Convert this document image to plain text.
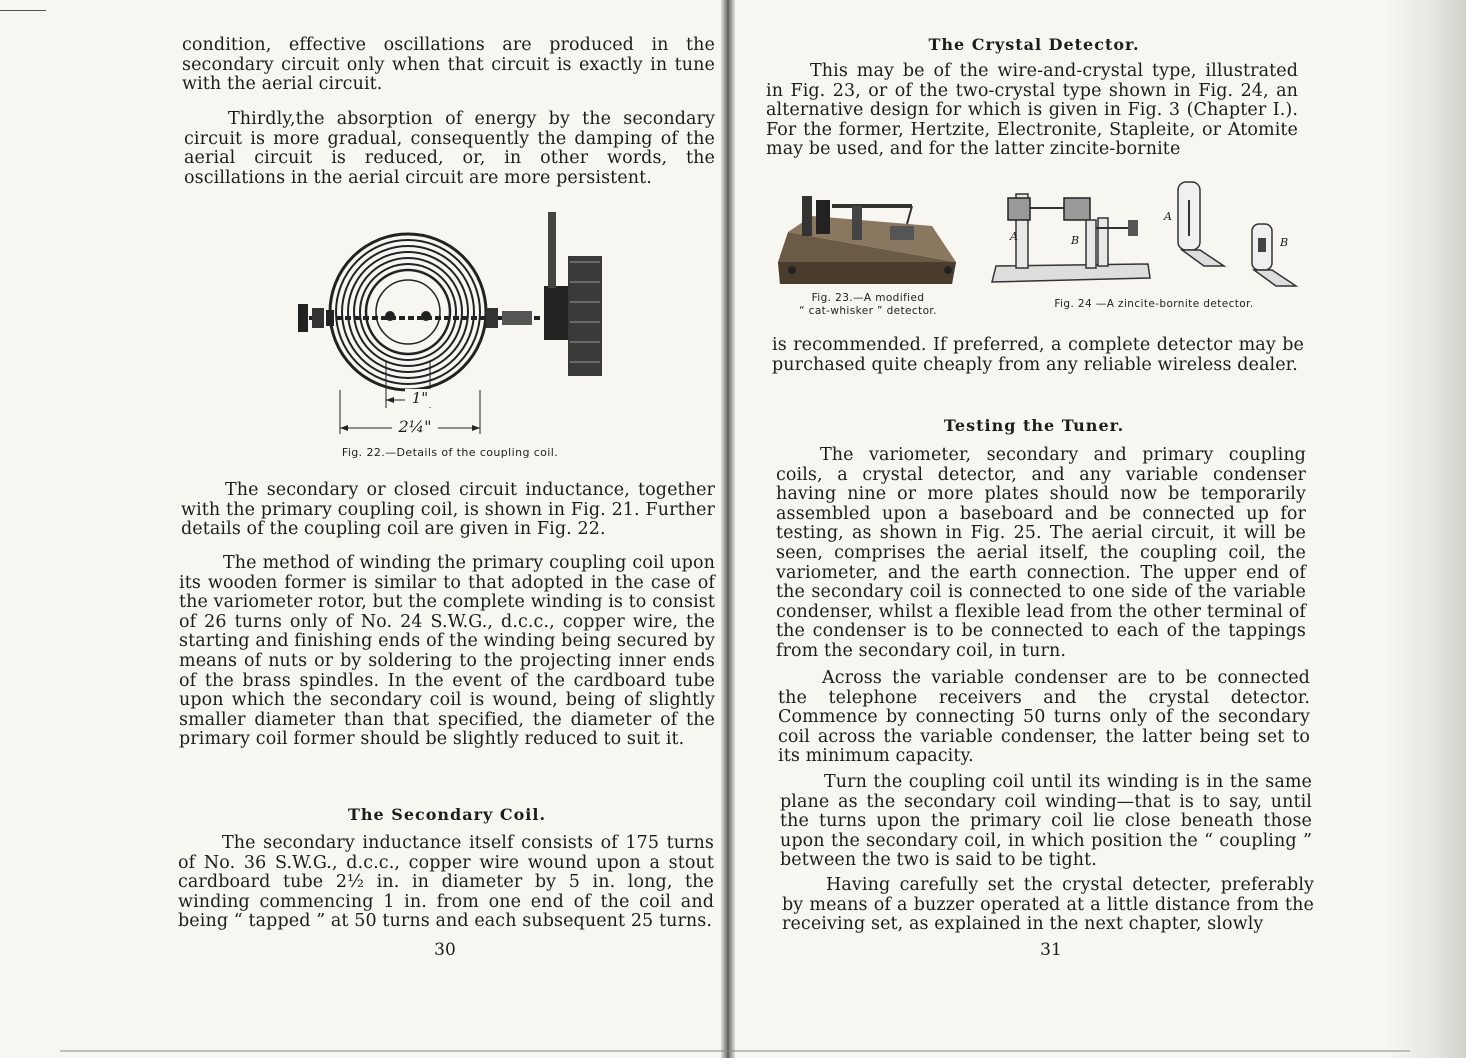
condition, effective oscillations are produced in the secondary circuit only when that circuit is exactly in tune with the aerial circuit.

Thirdly,the absorption of energy by the secondary circuit is more gradual, consequently the damping of the aerial circuit is reduced, or, in other words, the oscillations in the aerial circuit are more persistent.

1"
2¼"
Fig. 22.—Details of the coupling coil.

The secondary or closed circuit inductance, together with the primary coupling coil, is shown in Fig. 21. Further details of the coupling coil are given in Fig. 22.

The method of winding the primary coupling coil upon its wooden former is similar to that adopted in the case of the variometer rotor, but the complete winding is to consist of 26 turns only of No. 24 S.W.G., d.c.c., copper wire, the starting and finishing ends of the winding being secured by means of nuts or by soldering to the projecting inner ends of the brass spindles. In the event of the cardboard tube upon which the secondary coil is wound, being of slightly smaller diameter than that specified, the diameter of the primary coil former should be slightly reduced to suit it.

The Secondary Coil.

The secondary inductance itself consists of 175 turns of No. 36 S.W.G., d.c.c., copper wire wound upon a stout cardboard tube 2½ in. in diameter by 5 in. long, the winding commencing 1 in. from one end of the coil and being “ tapped ” at 50 turns and each subsequent 25 turns.

30
The Crystal Detector.

This may be of the wire-and-crystal type, illustrated in Fig. 23, or of the two-crystal type shown in Fig. 24, an alternative design for which is given in Fig. 3 (Chapter I.). For the former, Hertzite, Electronite, Stapleite, or Atomite may be used, and for the latter zincite-bornite

Fig. 23.—A modified
“ cat-whisker ” detector.
A	B
A
B
Fig. 24 —A zincite-bornite detector.

is recommended. If preferred, a complete detector may be purchased quite cheaply from any reliable wireless dealer.

Testing the Tuner.

The variometer, secondary and primary coupling coils, a crystal detector, and any variable condenser having nine or more plates should now be temporarily assembled upon a baseboard and be connected up for testing, as shown in Fig. 25. The aerial circuit, it will be seen, comprises the aerial itself, the coupling coil, the variometer, and the earth connection. The upper end of the secondary coil is connected to one side of the variable condenser, whilst a flexible lead from the other terminal of the condenser is to be connected to each of the tappings from the secondary coil, in turn.

Across the variable condenser are to be connected the telephone receivers and the crystal detector. Commence by connecting 50 turns only of the secondary coil across the variable condenser, the latter being set to its minimum capacity.

Turn the coupling coil until its winding is in the same plane as the secondary coil winding—that is to say, until the turns upon the primary coil lie close beneath those upon the secondary coil, in which position the “ coupling ” between the two is said to be tight.

Having carefully set the crystal detecter, preferably by means of a buzzer operated at a little distance from the receiving set, as explained in the next chapter, slowly

31
